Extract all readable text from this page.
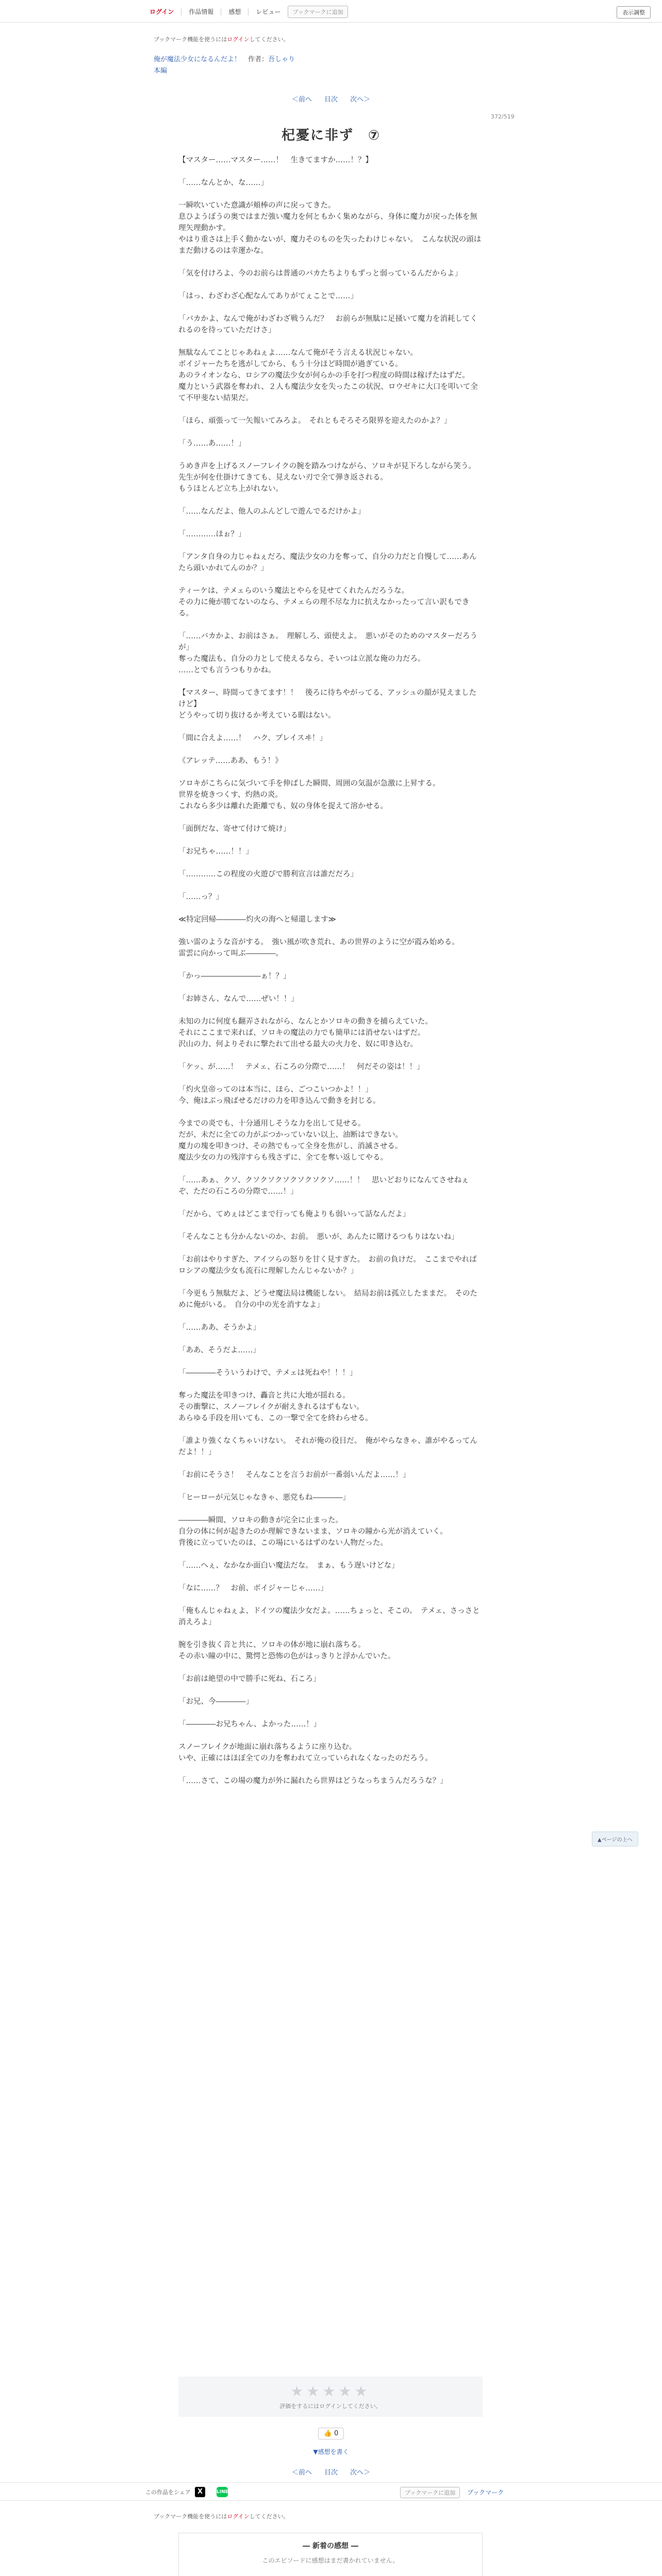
ログイン	作品情報	感想	レビュー	ブックマークに追加	表示調整
ブックマーク機能を使うにはログインしてください。
俺が魔法少女になるんだよ！ 作者：吾しゃり
本編
＜前へ 目次 次へ＞
372/519
杞憂に非ず　⑦

【マスター……マスター……！　生きてますか……！？】

「……なんとか、な……」

一瞬吹いていた意識が頬棒の声に戻ってきた。
息ひようぼうの奥ではまだ強い魔力を何ともかく集めながら、身体に魔力が戻った体を無理矢理動かす。
やはり重さは上手く動かないが、魔力そのものを失ったわけじゃない。　こんな状況の頭はまだ動けるのは幸運かな。

「気を付けろよ、今のお前らは普通のバカたちよりもずっと弱っているんだからよ」

「はっ、わざわざ心配なんてありがてぇことで……」

「バカかよ、なんで俺がわざわざ戦うんだ？　お前らが無駄に足掻いて魔力を消耗してくれるのを待っていただけさ」

無駄なんてことじゃあねぇよ……なんて俺がそう言える状況じゃない。
ボイジャーたちを逃がしてから、もう十分ほど時間が過ぎている。
あのライオンなら、ロシアの魔法少女が何らかの手を打つ程度の時間は稼げたはずだ。
魔力という武器を奪われ、２人も魔法少女を失ったこの状況、ロウゼキに大口を叩いて全て不甲斐ない結果だ。

「ほら、頑張って一矢報いてみろよ。　それともそろそろ限界を迎えたのかよ？」

「う……あ……！」

うめき声を上げるスノーフレイクの腕を踏みつけながら、ソロキが見下ろしながら笑う。
先生が何を仕掛けてきても、見えない刃で全て弾き返される。
もうほとんど立ち上がれない。

「……なんだよ、他人のふんどしで遊んでるだけかよ」

「…………ほぉ？」

「アンタ自身の力じゃねぇだろ、魔法少女の力を奪って、自分の力だと自慢して……あんたら頭いかれてんのか？」

ティーケは、テメェらのいう魔法とやらを見せてくれたんだろうな。
その力に俺が勝てないのなら、テメェらの理不尽な力に抗えなかったって言い訳もできる。

「……バカかよ、お前はさぁ。　理解しろ、頭使えよ。　悪いがそのためのマスターだろうが」
奪った魔法も、自分の力として使えるなら、そいつは立派な俺の力だろ。
……とでも言うつもりかね。

【マスター、時間ってきてます！！　後ろに待ちやがってる、アッシュの顔が見えましたけど】
どうやって切り抜けるか考えている暇はない。

「間に合えよ……！　ハク、プレイスヰ！」

《アレッテ……ああ、もう！》

ソロキがこちらに気づいて手を伸ばした瞬間、周囲の気温が急激に上昇する。
世界を焼きつくす、灼熱の炎。
これなら多少は離れた距離でも、奴の身体を捉えて溶かせる。

「面倒だな、寄せて付けて焼け」

「お兄ちゃ……！！」

「…………この程度の火遊びで勝利宣言は誰だだろ」

「……っ？」

≪特定回帰――――灼火の海へと帰還します≫

強い雷のような音がする。　強い風が吹き荒れ、あの世界のように空が霞み始める。
雷雲に向かって叫ぶ――――。

「かっ――――――――ぁ！？」

「お姉さん、なんで……ぜい！！」

未知の力に何度も翻弄されながら、なんとかソロキの動きを捕らえていた。
それにここまで来れば、ソロキの魔法の力でも簡単には消せないはずだ。
沢山の力、何よりそれに撃たれて出せる最大の火力を、奴に叩き込む。

「ケッ、が……！　テメェ、石ころの分際で……！　何だその姿は！！」

「灼火皇帝ってのは本当に、ほら、ごつこいつかよ！！」
今、俺はぶっ飛ばせるだけの力を叩き込んで動きを封じる。

今までの炎でも、十分通用しそうな力を出して見せる。
だが、未だに全ての力がぶつかっていない以上、油断はできない。
魔力の塊を叩きつけ、その熱でもって全身を焦がし、消滅させる。
魔法少女の力の残滓すらも残さずに、全てを奪い返してやる。

「……あぁ、クソ、クソクソクソクソクソクソ……！！　思いどおりになんてさせねぇぞ、ただの石ころの分際で……！」

「だから、てめぇはどこまで行っても俺よりも弱いって話なんだよ」

「そんなことも分かんないのか、お前。　悪いが、あんたに賭けるつもりはないね」

「お前はやりすぎた、アイツらの怒りを甘く見すぎた。　お前の負けだ。　ここまでやればロシアの魔法少女も流石に理解したんじゃないか？」

「今更もう無駄だよ、どうせ魔法局は機能しない。　結局お前は孤立したままだ。　そのために俺がいる。　自分の中の光を消すなよ」

「……ああ、そうかよ」

「ああ、そうだよ……」

「――――そういうわけで、テメェは死ねや！！！」

奪った魔法を叩きつけ、轟音と共に大地が揺れる。
その衝撃に、スノーフレイクが耐えきれるはずもない。
あらゆる手段を用いても、この一撃で全てを終わらせる。

「誰より強くなくちゃいけない。　それが俺の役目だ。　俺がやらなきゃ、誰がやるってんだよ！！」

「お前にそうさ！　そんなことを言うお前が一番弱いんだよ……！」

「ヒーローが元気じゃなきゃ、悪党もね――――」

――――瞬間、ソロキの動きが完全に止まった。
自分の体に何が起きたのか理解できないまま、ソロキの瞳から光が消えていく。
背後に立っていたのは、この場にいるはずのない人物だった。

「……へぇ、なかなか面白い魔法だな。　まぁ、もう遅いけどな」

「なに……？　お前、ボイジャーじゃ……」

「俺もんじゃねぇよ、ドイツの魔法少女だよ。……ちょっと、そこの。　テメェ、さっさと消えろよ」

腕を引き抜く音と共に、ソロキの体が地に崩れ落ちる。
その赤い瞳の中に、驚愕と恐怖の色がはっきりと浮かんでいた。

「お前は絶望の中で勝手に死ね、石ころ」

「お兄、今――――」

「――――お兄ちゃん、よかった……！」

スノーフレイクが地面に崩れ落ちるように座り込む。
いや、正確にはほぼ全ての力を奪われて立っていられなくなったのだろう。

「……さて、この場の魔力が外に漏れたら世界はどうなっちまうんだろうな？」

▲ページの上へ
★★★★★
評価をするにはログインしてください。
👍 0
▼感想を書く
＜前へ 目次 次へ＞
この作品をシェア	X	LINE	ブックマークに追加	ブックマーク
ブックマーク機能を使うにはログインしてください。
― 新着の感想 ―
このエピソードに感想はまだ書かれていません。
